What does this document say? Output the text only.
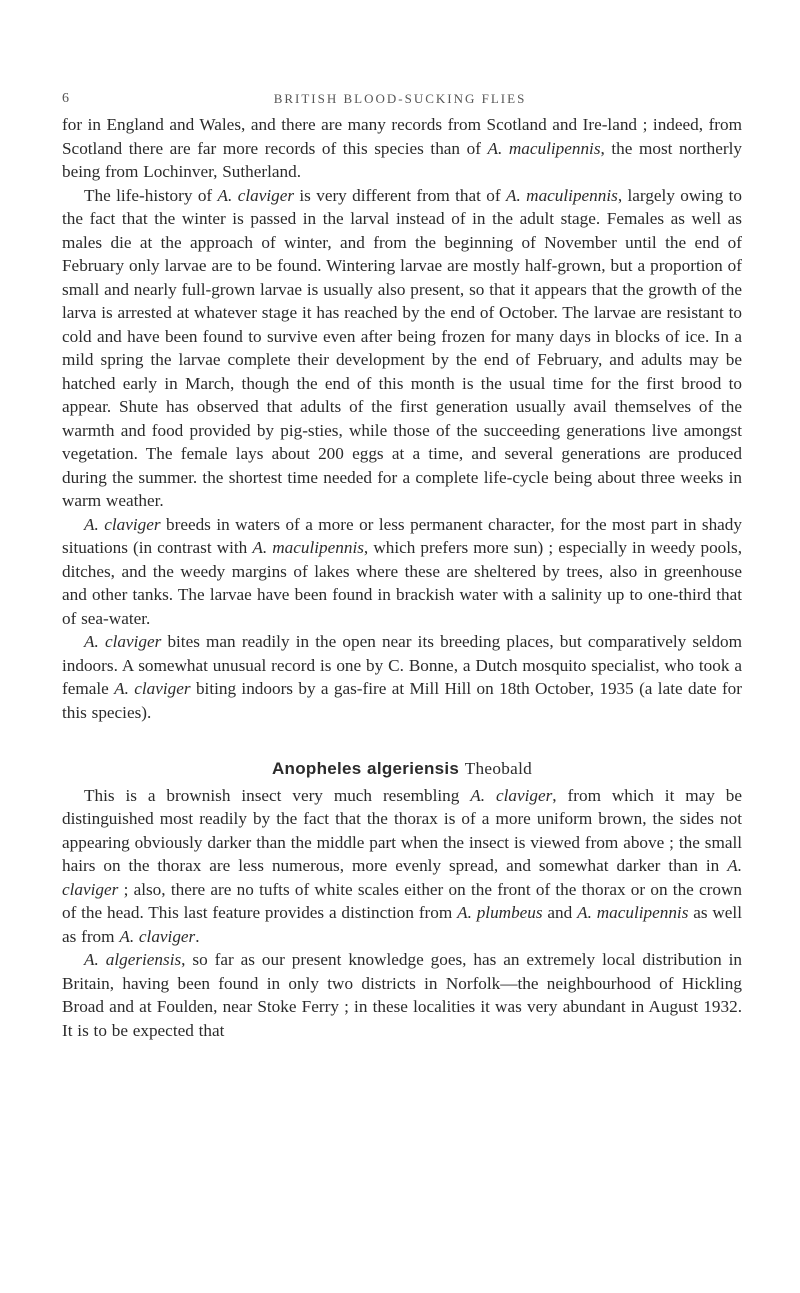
6	BRITISH BLOOD-SUCKING FLIES

for in England and Wales, and there are many records from Scotland and Ire-land ; indeed, from Scotland there are far more records of this species than of A. maculipennis, the most northerly being from Lochinver, Sutherland.

The life-history of A. claviger is very different from that of A. maculipennis, largely owing to the fact that the winter is passed in the larval instead of in the adult stage. Females as well as males die at the approach of winter, and from the beginning of November until the end of February only larvae are to be found. Wintering larvae are mostly half-grown, but a proportion of small and nearly full-grown larvae is usually also present, so that it appears that the growth of the larva is arrested at whatever stage it has reached by the end of October. The larvae are resistant to cold and have been found to survive even after being frozen for many days in blocks of ice. In a mild spring the larvae complete their development by the end of February, and adults may be hatched early in March, though the end of this month is the usual time for the first brood to appear. Shute has observed that adults of the first generation usually avail themselves of the warmth and food provided by pig-sties, while those of the succeeding generations live amongst vegetation. The female lays about 200 eggs at a time, and several generations are produced during the summer. the shortest time needed for a complete life-cycle being about three weeks in warm weather.

A. claviger breeds in waters of a more or less permanent character, for the most part in shady situations (in contrast with A. maculipennis, which prefers more sun) ; especially in weedy pools, ditches, and the weedy margins of lakes where these are sheltered by trees, also in greenhouse and other tanks. The larvae have been found in brackish water with a salinity up to one-third that of sea-water.

A. claviger bites man readily in the open near its breeding places, but comparatively seldom indoors. A somewhat unusual record is one by C. Bonne, a Dutch mosquito specialist, who took a female A. claviger biting indoors by a gas-fire at Mill Hill on 18th October, 1935 (a late date for this species).

Anopheles algeriensis Theobald

This is a brownish insect very much resembling A. claviger, from which it may be distinguished most readily by the fact that the thorax is of a more uniform brown, the sides not appearing obviously darker than the middle part when the insect is viewed from above ; the small hairs on the thorax are less numerous, more evenly spread, and somewhat darker than in A. claviger ; also, there are no tufts of white scales either on the front of the thorax or on the crown of the head. This last feature provides a distinction from A. plumbeus and A. maculipennis as well as from A. claviger.

A. algeriensis, so far as our present knowledge goes, has an extremely local distribution in Britain, having been found in only two districts in Norfolk—the neighbourhood of Hickling Broad and at Foulden, near Stoke Ferry ; in these localities it was very abundant in August 1932. It is to be expected that
